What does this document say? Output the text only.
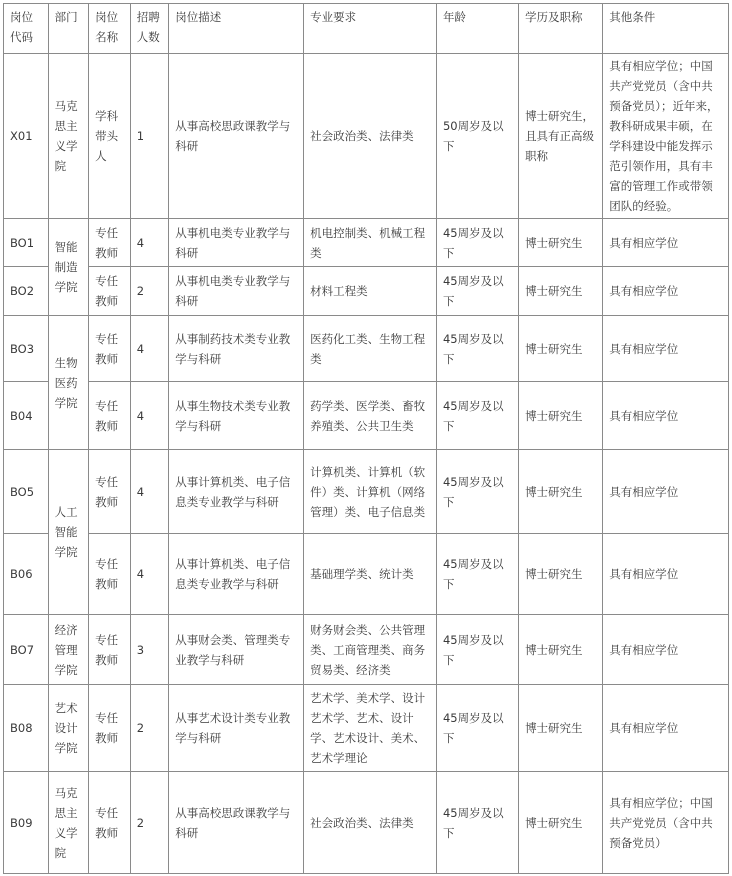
岗位代码	部门	岗位名称	招聘人数	岗位描述	专业要求	年龄	学历及职称	其他条件
X01	马克思主义学院	学科带头人	1	从事高校思政课教学与科研	社会政治类、法律类	50周岁及以下	博士研究生，且具有正高级职称	具有相应学位；中国共产党党员（含中共预备党员）；近年来，教科研成果丰硕，在学科建设中能发挥示范引领作用，具有丰富的管理工作或带领团队的经验。
BO1	智能制造学院	专任教师	4	从事机电类专业教学与科研	机电控制类、机械工程类	45周岁及以下	博士研究生	具有相应学位
BO2		专任教师	2	从事机电类专业教学与科研	材料工程类	45周岁及以下	博士研究生	具有相应学位
BO3	生物医药学院	专任教师	4	从事制药技术类专业教学与科研	医药化工类、生物工程类	45周岁及以下	博士研究生	具有相应学位
B04		专任教师	4	从事生物技术类专业教学与科研	药学类、医学类、畜牧养殖类、公共卫生类	45周岁及以下	博士研究生	具有相应学位
BO5	人工智能学院	专任教师	4	从事计算机类、电子信息类专业教学与科研	计算机类、计算机（软件）类、计算机（网络管理）类、电子信息类	45周岁及以下	博士研究生	具有相应学位
B06		专任教师	4	从事计算机类、电子信息类专业教学与科研	基础理学类、统计类	45周岁及以下	博士研究生	具有相应学位
BO7	经济管理学院	专任教师	3	从事财会类、管理类专业教学与科研	财务财会类、公共管理类、工商管理类、商务贸易类、经济类	45周岁及以下	博士研究生	具有相应学位
B08	艺术设计学院	专任教师	2	从事艺术设计类专业教学与科研	艺术学、美术学、设计艺术学、艺术、设计学、艺术设计、美术、艺术学理论	45周岁及以下	博士研究生	具有相应学位
B09	马克思主义学院	专任教师	2	从事高校思政课教学与科研	社会政治类、法律类	45周岁及以下	博士研究生	具有相应学位；中国共产党党员（含中共预备党员）
